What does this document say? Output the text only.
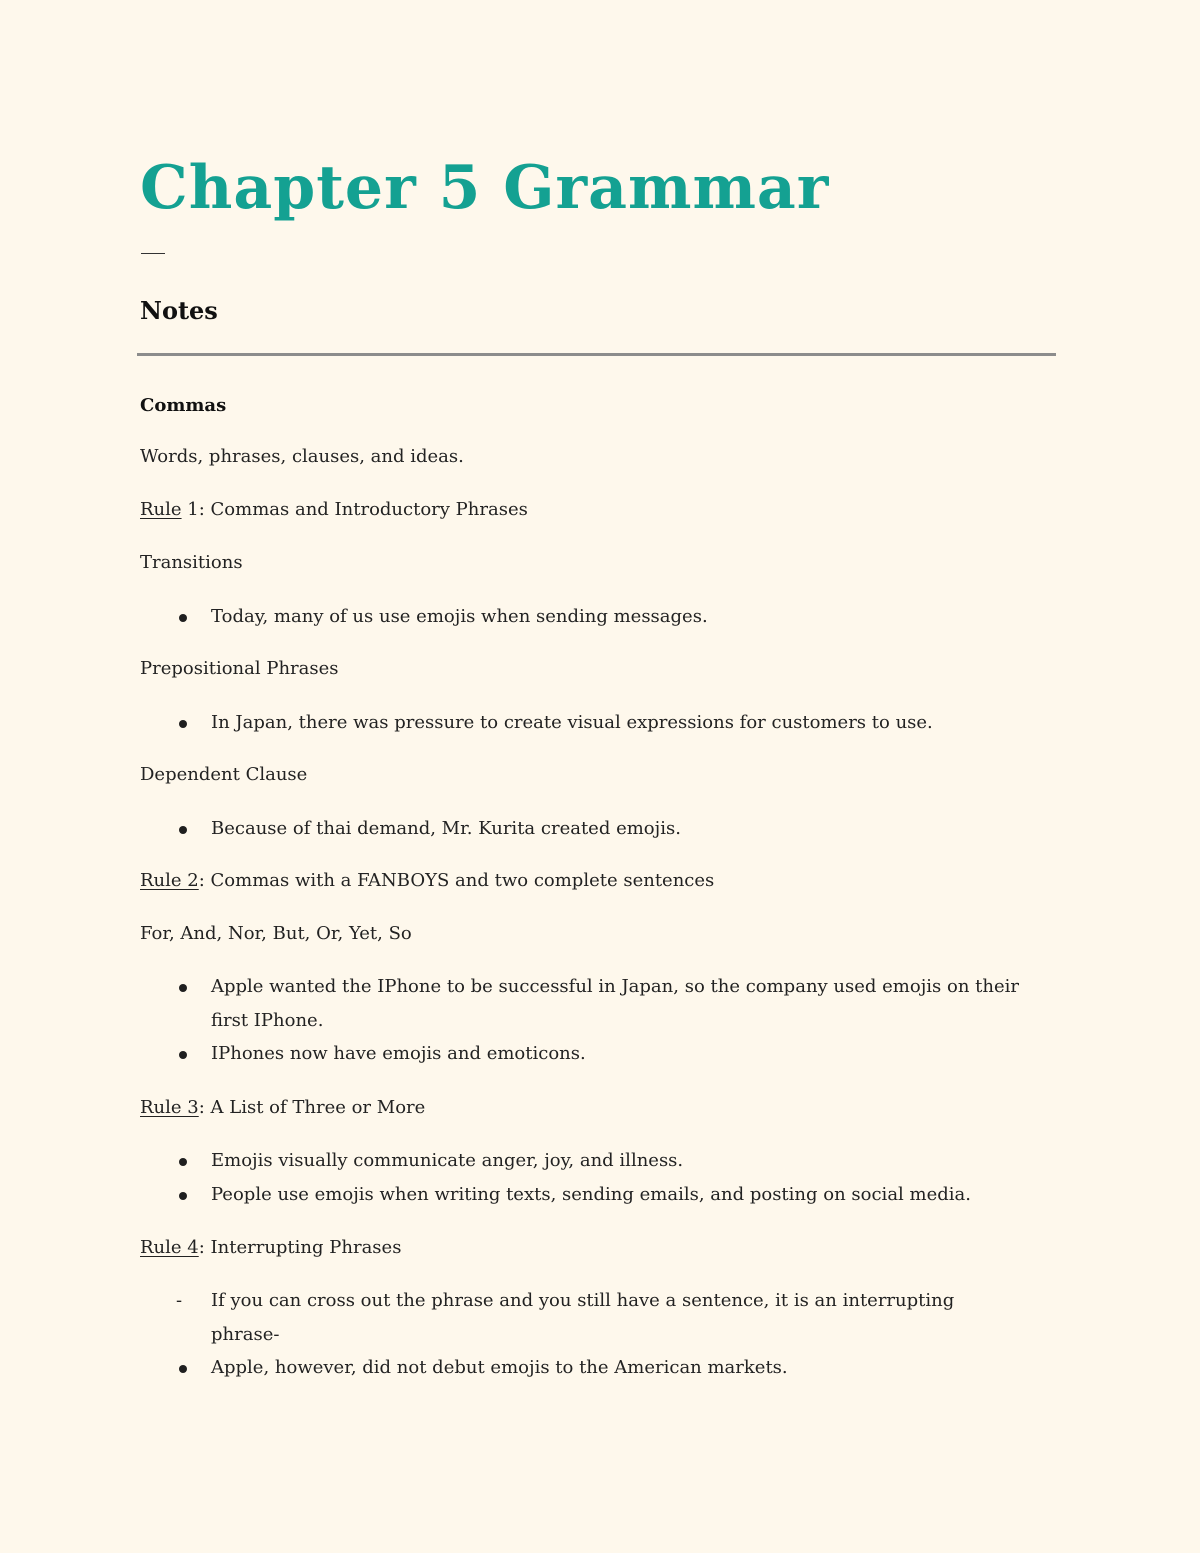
Chapter 5 Grammar
Notes
Commas
Words, phrases, clauses, and ideas.
Rule 1: Commas and Introductory Phrases
Transitions
Today, many of us use emojis when sending messages.
Prepositional Phrases
In Japan, there was pressure to create visual expressions for customers to use.
Dependent Clause
Because of thai demand, Mr. Kurita created emojis.
Rule 2: Commas with a FANBOYS and two complete sentences
For, And, Nor, But, Or, Yet, So
Apple wanted the IPhone to be successful in Japan, so the company used emojis on their first IPhone.
IPhones now have emojis and emoticons.
Rule 3: A List of Three or More
Emojis visually communicate anger, joy, and illness.
People use emojis when writing texts, sending emails, and posting on social media.
Rule 4: Interrupting Phrases
- If you can cross out the phrase and you still have a sentence, it is an interrupting phrase-
Apple, however, did not debut emojis to the American markets.
